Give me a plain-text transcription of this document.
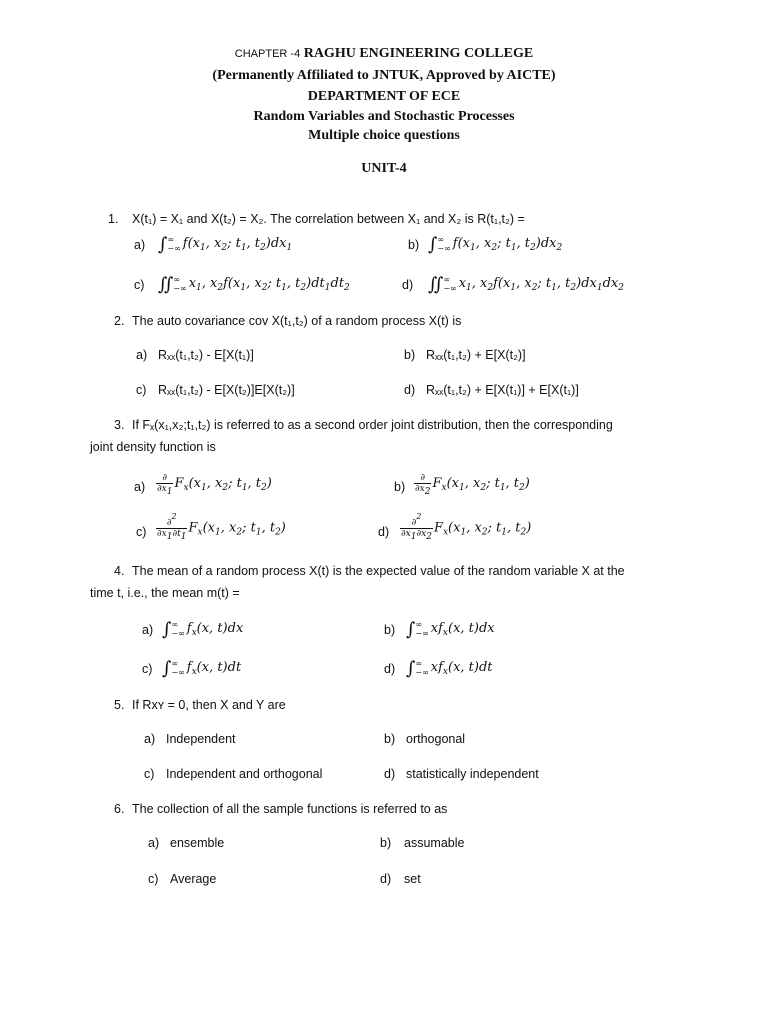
CHAPTER -4 RAGHU ENGINEERING COLLEGE
(Permanently Affiliated to JNTUK, Approved by AICTE)
DEPARTMENT OF ECE
Random Variables and Stochastic Processes
Multiple choice questions
UNIT-4
1. X(t₁) = X₁ and X(t₂) = X₂. The correlation between X₁ and X₂ is R(t₁,t₂) =
a) ∫∞
−∞ $f(x_1$, $x_2$; $t_1$, $t_2)dx_1$	b) ∫∞
−∞ $f(x_1$, $x_2$; $t_1$, $t_2)dx_2$
c) ∬∞
−∞ $x_1$, $x_2f(x_1$, $x_2$; $t_1$, $t_2)dt_1dt_2$	d) ∬∞
−∞ $x_1$, $x_2f(x_1$, $x_2$; $t_1$, $t_2)dx_1dx_2$
2. The auto covariance cov X(t₁,t₂) of a random process X(t) is
a) Rₓₓ(t₁,t₂) - E[X(t₁)]	b) Rₓₓ(t₁,t₂) + E[X(t₂)]
c) Rₓₓ(t₁,t₂) - E[X(t₂)]E[X(t₂)]	d) Rₓₓ(t₁,t₂) + E[X(t₁)] + E[X(t₁)]
3. If Fₓ(x₁,x₂;t₁,t₂) is referred to as a second order joint distribution, then the corresponding
joint density function is
$a) \frac{\partial}{\partial x_1} F_x(x_1$, $x_2$; $t_1$, $t_2$)	$b) \frac{\partial}{\partial x_2} F_x(x_1$, $x_2$; $t_1$, $t_2$)
$c) \frac{\partial^2}{\partial x_1\partial t_1} F_x(x_1$, $x_2$; $t_1$, $t_2$)	$d) \frac{\partial^2}{\partial x_1\partial x_2} F_x(x_1$, $x_2$; $t_1$, $t_2$)
4. The mean of a random process X(t) is the expected value of the random variable X at the
time t, i.e., the mean m(t) =
a) ∫∞
−∞ $f_x(x$, t)dx	b) ∫∞
−∞ $xf_x(x$, t)dx
c) ∫∞
−∞ $f_x(x$, t)dt	d) ∫∞
−∞ $xf_x(x$, t)dt
5. If Rxʏ = 0, then X and Y are
a) Independent	b) orthogonal
c) Independent and orthogonal	d) statistically independent
6. The collection of all the sample functions is referred to as
a) ensemble	b) assumable
c) Average	d) set
